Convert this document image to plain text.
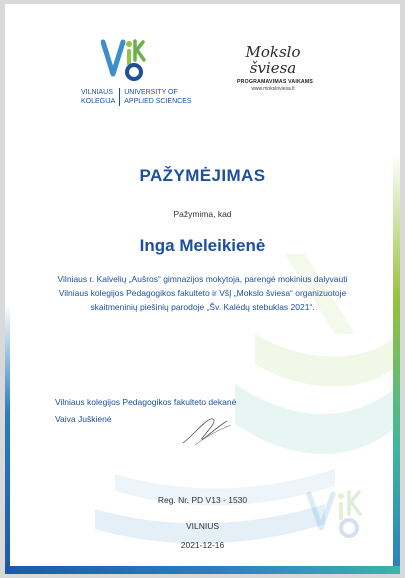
VILNIAUS
KOLEGIJAUNIVERSITY OF
APPLIED SCIENCES
Mokslo
šviesa
PROGRAMAVIMAS VAIKAMS
www.moksloviesa.lt
PAŽYMĖJIMAS
Pažymima, kad
Inga Meleikienė
Vilniaus r. Kalvelių „Aušros“ gimnazijos mokytoja, parengė mokinius dalyvauti
Vilniaus kolegijos Pedagogikos fakulteto ir VšĮ „Mokslo šviesa“ organizuotoje
skaitmeninių piešinių parodoje „Šv. Kalėdų stebuklas 2021“.
Vilniaus kolegijos Pedagogikos fakulteto dekanė
Vaiva Juškienė
Reg. Nr. PD V13 - 1530
VILNIUS
2021-12-16
